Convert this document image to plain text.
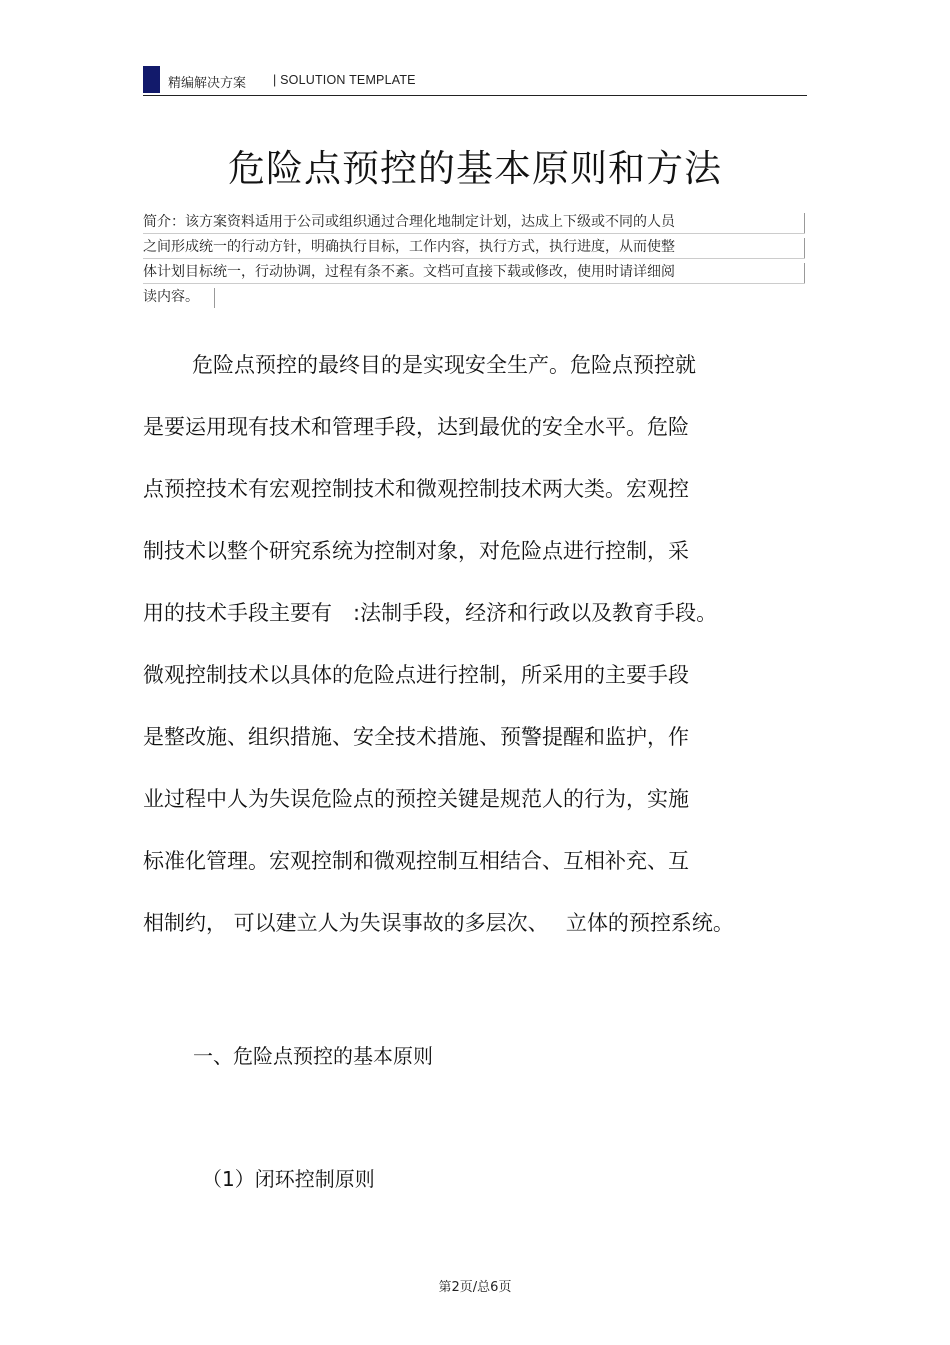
精编解决方案 | SOLUTION TEMPLATE
危险点预控的基本原则和方法
简介：该方案资料适用于公司或组织通过合理化地制定计划，达成上下级或不同的人员
之间形成统一的行动方针，明确执行目标，工作内容，执行方式，执行进度，从而使整
体计划目标统一，行动协调，过程有条不紊。文档可直接下载或修改，使用时请详细阅
读内容。
危险点预控的最终目的是实现安全生产。危险点预控就
是要运用现有技术和管理手段，达到最优的安全水平。危险
点预控技术有宏观控制技术和微观控制技术两大类。宏观控
制技术以整个研究系统为控制对象，对危险点进行控制，采
用的技术手段主要有　:法制手段，经济和行政以及教育手段。
微观控制技术以具体的危险点进行控制，所采用的主要手段
是整改施、组织措施、安全技术措施、预警提醒和监护，作
业过程中人为失误危险点的预控关键是规范人的行为，实施
标准化管理。宏观控制和微观控制互相结合、互相补充、互
相制约， 可以建立人为失误事故的多层次、　 立体的预控系统。
一、危险点预控的基本原则
（1）闭环控制原则
第2页/总6页
